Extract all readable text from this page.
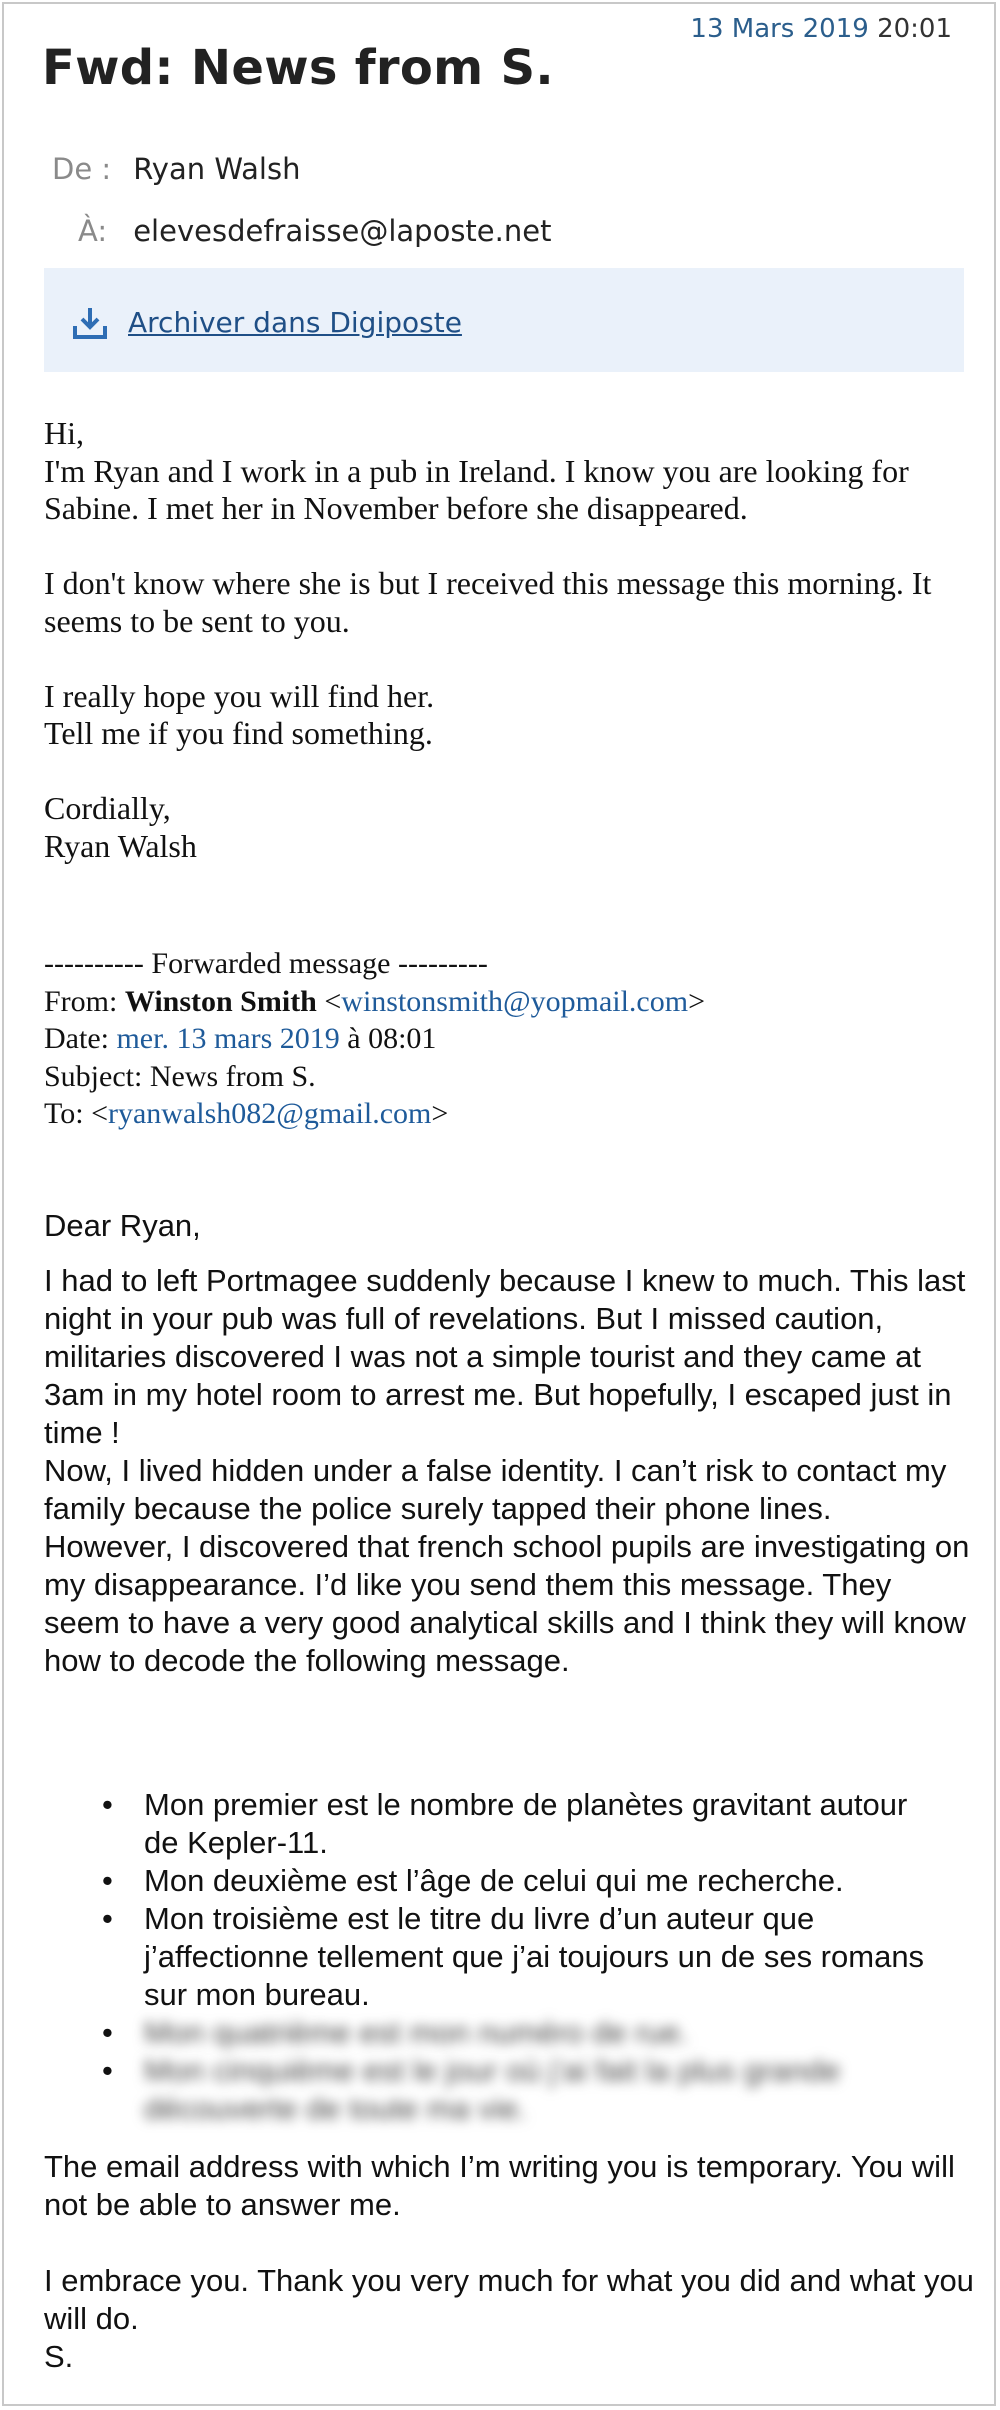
13 Mars 2019 20:01
Fwd: News from S.
De : Ryan Walsh
À: elevesdefraisse@laposte.net
Archiver dans Digiposte

Hi,

I'm Ryan and I work in a pub in Ireland. I know you are looking for Sabine. I met her in November before she disappeared.

I don't know where she is but I received this message this morning. It seems to be sent to you.

I really hope you will find her.

Tell me if you find something.

Cordially,

Ryan Walsh

---------- Forwarded message ---------
From: Winston Smith <winstonsmith@yopmail.com>
Date: mer. 13 mars 2019 à 08:01
Subject: News from S.
To: <ryanwalsh082@gmail.com>

Dear Ryan,

I had to left Portmagee suddenly because I knew to much. This last night in your pub was full of revelations. But I missed caution, militaries discovered I was not a simple tourist and they came at 3am in my hotel room to arrest me. But hopefully, I escaped just in time !

Now, I lived hidden under a false identity. I can’t risk to contact my family because the police surely tapped their phone lines.

However, I discovered that french school pupils are investigating on my disappearance. I’d like you send them this message. They seem to have a very good analytical skills and I think they will know how to decode the following message.

• Mon premier est le nombre de planètes gravitant autour de Kepler-11.
• Mon deuxième est l’âge de celui qui me recherche.
• Mon troisième est le titre du livre d’un auteur que j’affectionne tellement que j’ai toujours un de ses romans sur mon bureau.
• Mon quatrième est mon numéro de rue.
• Mon cinquième est le jour où j’ai fait la plus grande découverte de toute ma vie.

The email address with which I’m writing you is temporary. You will not be able to answer me.

I embrace you. Thank you very much for what you did and what you will do.

S.
